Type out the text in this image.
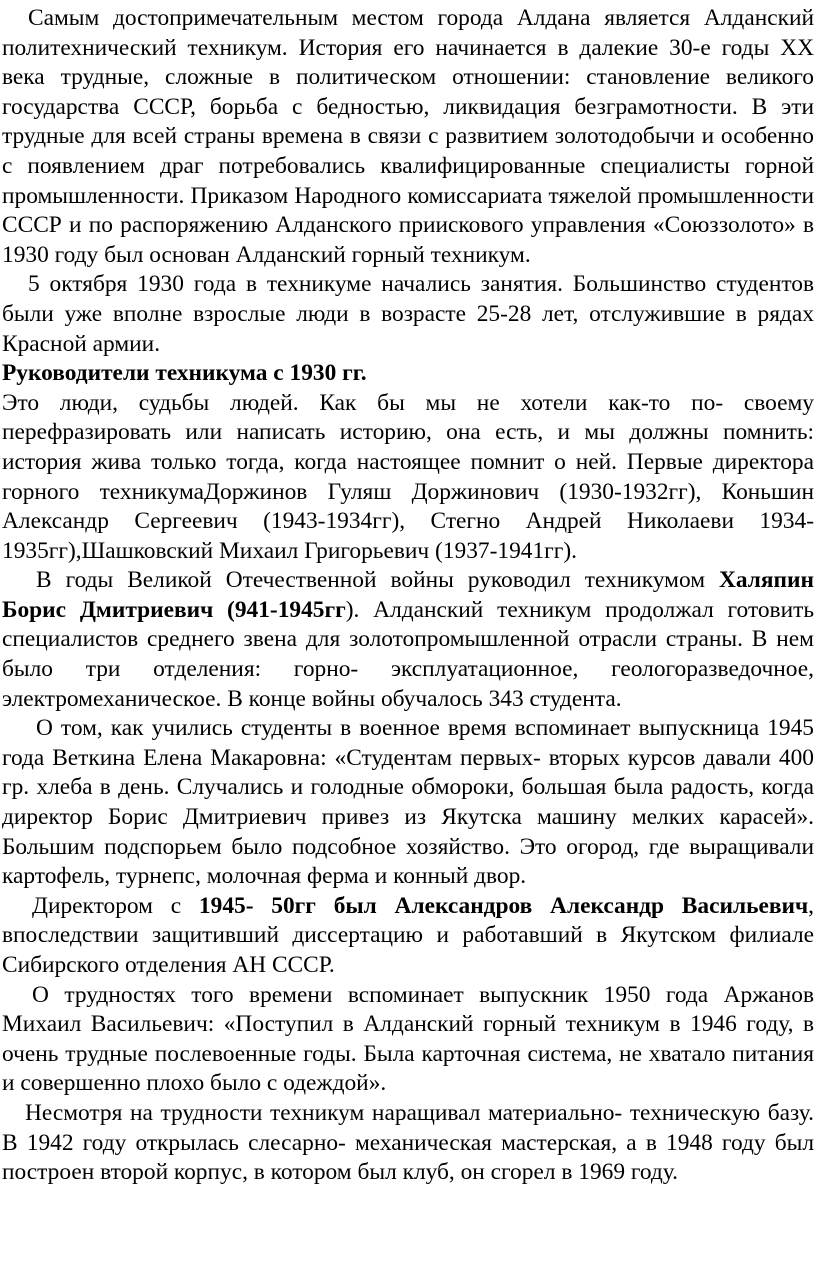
Самым достопримечательным местом города Алдана является Алданский политехнический техникум. История его начинается в далекие 30-е годы XX века трудные, сложные в политическом отношении: становление великого государства СССР, борьба с бедностью, ликвидация безграмотности. В эти трудные для всей страны времена в связи с развитием золотодобычи и особенно с появлением драг потребовались квалифицированные специалисты горной промышленности. Приказом Народного комиссариата тяжелой промышленности СССР и по распоряжению Алданского приискового управления «Союззолото» в 1930 году был основан Алданский горный техникум.

5 октября 1930 года в техникуме начались занятия. Большинство студентов были уже вполне взрослые люди в возрасте 25-28 лет, отслужившие в рядах Красной армии.

Руководители техникума с 1930 гг.

Это люди, судьбы людей. Как бы мы не хотели как-то по- своему перефразировать или написать историю, она есть, и мы должны помнить: история жива только тогда, когда настоящее помнит о ней. Первые директора горного техникумаДоржинов Гуляш Доржинович (1930-1932гг), Коньшин Александр Сергеевич (1943-1934гг), Стегно Андрей Николаеви 1934-1935гг),Шашковский Михаил Григорьевич (1937-1941гг).

В годы Великой Отечественной войны руководил техникумом Халяпин Борис Дмитриевич (941-1945гг). Алданский техникум продолжал готовить специалистов среднего звена для золотопромышленной отрасли страны. В нем было три отделения: горно- эксплуатационное, геологоразведочное, электромеханическое. В конце войны обучалось 343 студента.

О том, как учились студенты в военное время вспоминает выпускница 1945 года Веткина Елена Макаровна: «Студентам первых- вторых курсов давали 400 гр. хлеба в день. Случались и голодные обмороки, большая была радость, когда директор Борис Дмитриевич привез из Якутска машину мелких карасей». Большим подспорьем было подсобное хозяйство. Это огород, где выращивали картофель, турнепс, молочная ферма и конный двор.

Директором с 1945- 50гг был Александров Александр Васильевич, впоследствии защитивший диссертацию и работавший в Якутском филиале Сибирского отделения АН СССР.

О трудностях того времени вспоминает выпускник 1950 года Аржанов Михаил Васильевич: «Поступил в Алданский горный техникум в 1946 году, в очень трудные послевоенные годы. Была карточная система, не хватало питания и совершенно плохо было с одеждой».

Несмотря на трудности техникум наращивал материально- техническую базу. В 1942 году открылась слесарно- механическая мастерская, а в 1948 году был построен второй корпус, в котором был клуб, он сгорел в 1969 году.
